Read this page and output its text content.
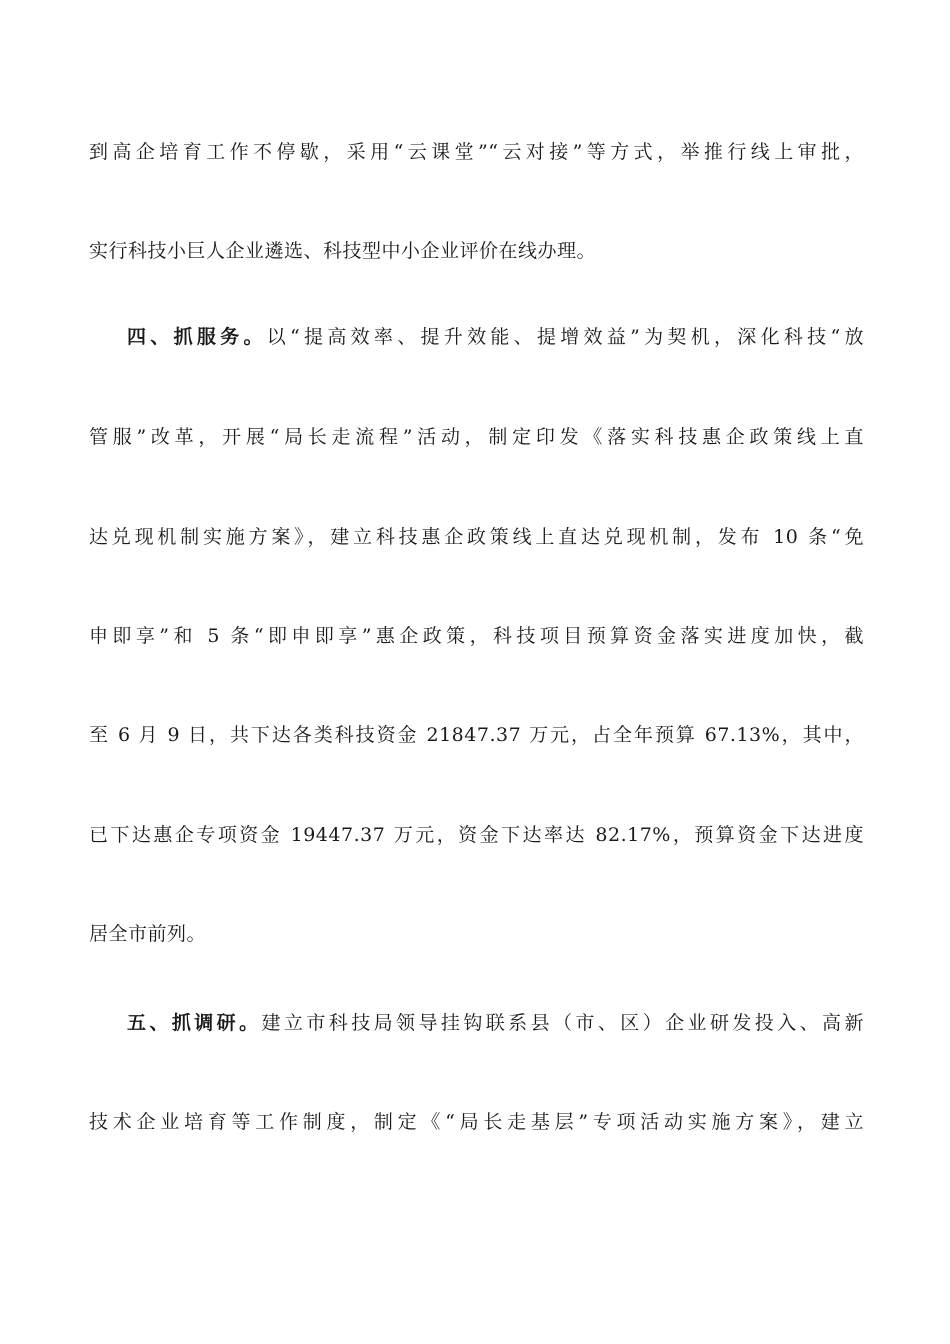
到高企培育工作不停歇，采用“云课堂”“云对接”等方式，举推行线上审批，
实行科技小巨人企业遴选、科技型中小企业评价在线办理。
四、抓服务。以“提高效率、提升效能、提增效益”为契机，深化科技“放
管服”改革，开展“局长走流程”活动，制定印发《落实科技惠企政策线上直
达兑现机制实施方案》，建立科技惠企政策线上直达兑现机制，发布 10 条“免
申即享”和 5 条“即申即享”惠企政策，科技项目预算资金落实进度加快，截
至 6 月 9 日，共下达各类科技资金 21847.37 万元，占全年预算 67.13%，其中，
已下达惠企专项资金 19447.37 万元，资金下达率达 82.17%，预算资金下达进度
居全市前列。
五、抓调研。建立市科技局领导挂钩联系县（市、区）企业研发投入、高新
技术企业培育等工作制度，制定《“局长走基层”专项活动实施方案》，建立
